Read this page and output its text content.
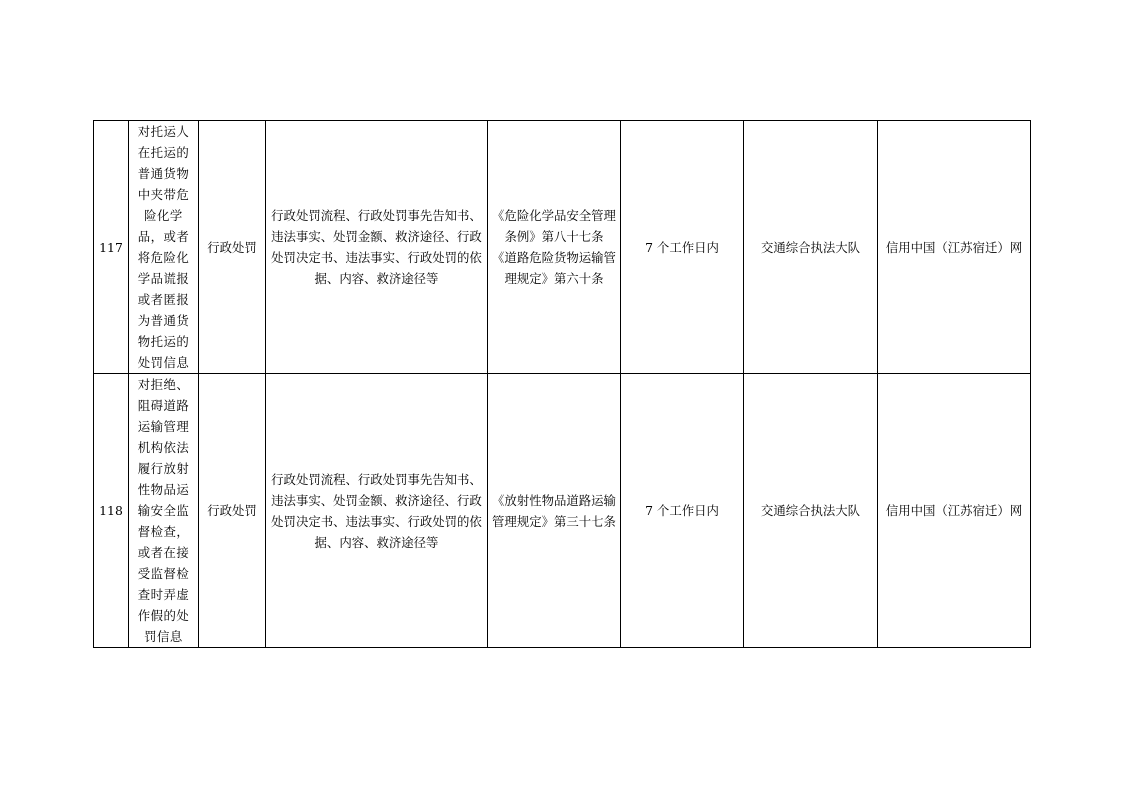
117	对托运人在托运的普通货物中夹带危险化学品，或者将危险化学品谎报或者匿报为普通货物托运的处罚信息	行政处罚	行政处罚流程、行政处罚事先告知书、违法事实、处罚金额、救济途径、行政处罚决定书、违法事实、行政处罚的依据、内容、救济途径等	《危险化学品安全管理条例》第八十七条
《道路危险货物运输管理规定》第六十条	7 个工作日内	交通综合执法大队	信用中国（江苏宿迁）网
118	对拒绝、阻碍道路运输管理机构依法履行放射性物品运输安全监督检查，或者在接受监督检查时弄虚作假的处罚信息	行政处罚	行政处罚流程、行政处罚事先告知书、违法事实、处罚金额、救济途径、行政处罚决定书、违法事实、行政处罚的依据、内容、救济途径等	《放射性物品道路运输管理规定》第三十七条	7 个工作日内	交通综合执法大队	信用中国（江苏宿迁）网
